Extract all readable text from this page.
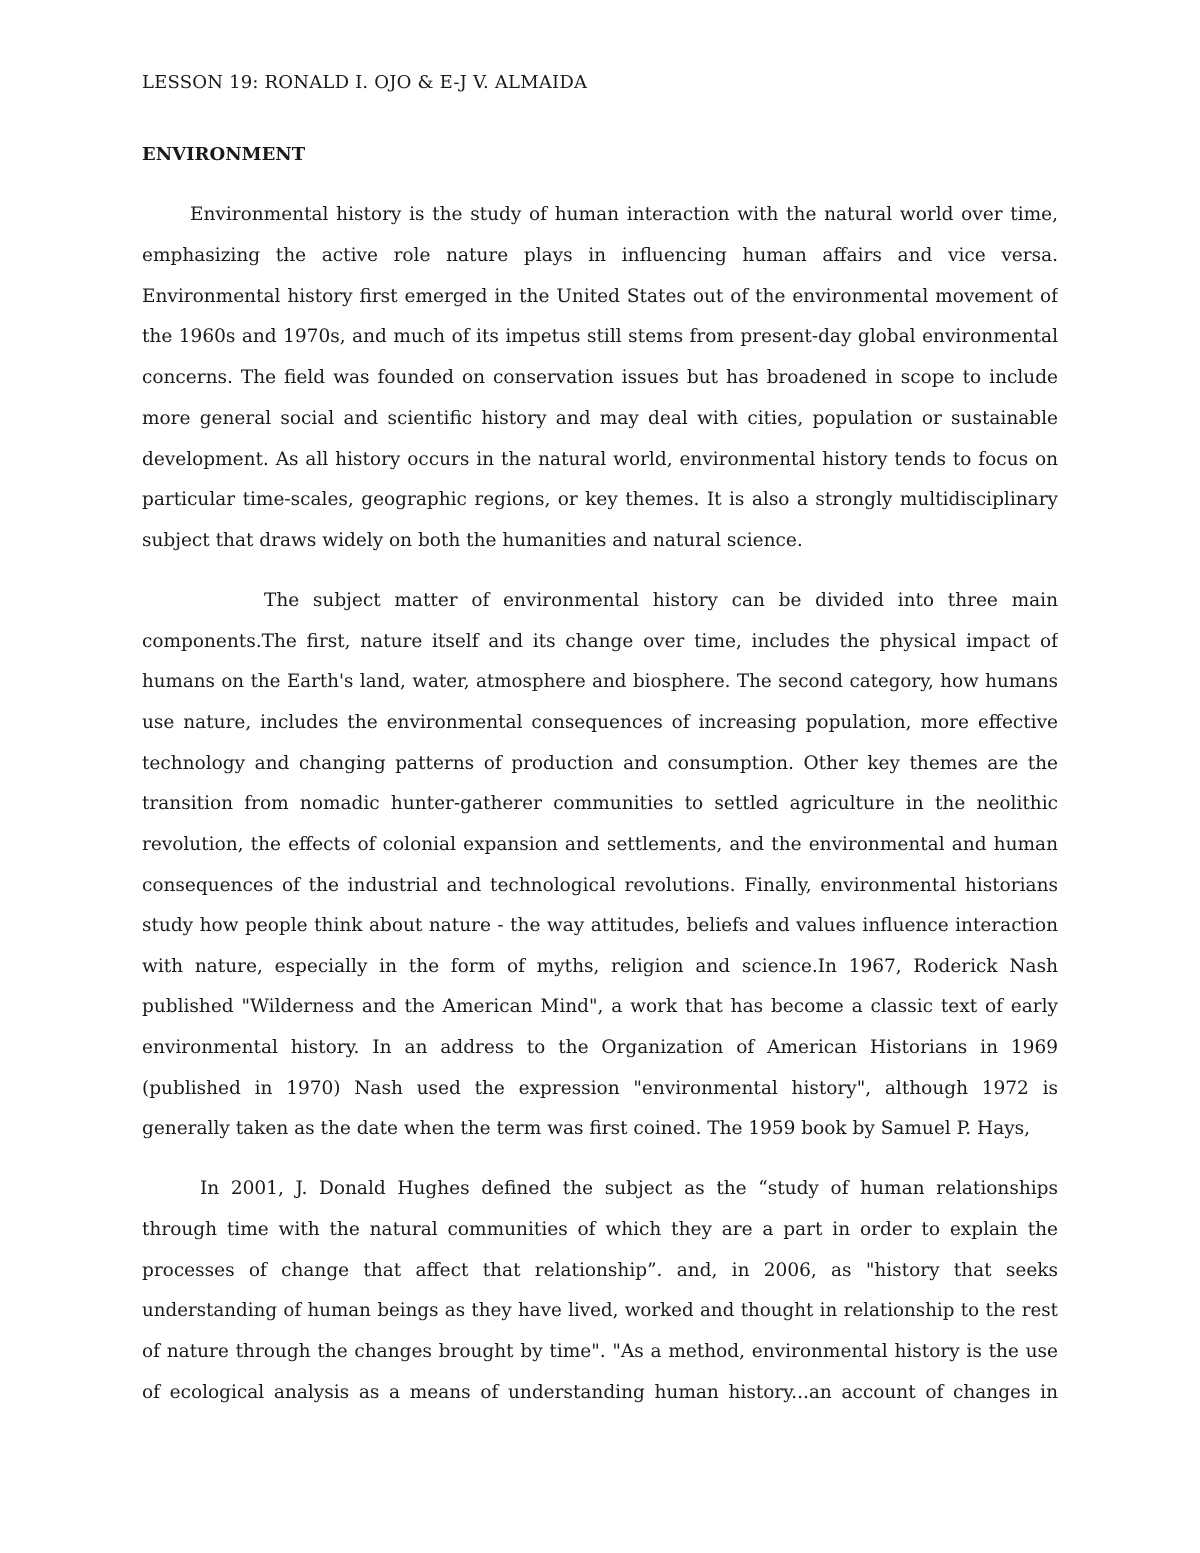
LESSON 19: RONALD I. OJO & E-J V. ALMAIDA
ENVIRONMENT
Environmental history is the study of human interaction with the natural world over time,
emphasizing the active role nature plays in influencing human affairs and vice versa.
Environmental history first emerged in the United States out of the environmental movement of
the 1960s and 1970s, and much of its impetus still stems from present-day global environmental
concerns. The field was founded on conservation issues but has broadened in scope to include
more general social and scientific history and may deal with cities, population or sustainable
development. As all history occurs in the natural world, environmental history tends to focus on
particular time-scales, geographic regions, or key themes. It is also a strongly multidisciplinary
subject that draws widely on both the humanities and natural science.
The subject matter of environmental history can be divided into three main
components.The first, nature itself and its change over time, includes the physical impact of
humans on the Earth's land, water, atmosphere and biosphere. The second category, how humans
use nature, includes the environmental consequences of increasing population, more effective
technology and changing patterns of production and consumption. Other key themes are the
transition from nomadic hunter-gatherer communities to settled agriculture in the neolithic
revolution, the effects of colonial expansion and settlements, and the environmental and human
consequences of the industrial and technological revolutions. Finally, environmental historians
study how people think about nature - the way attitudes, beliefs and values influence interaction
with nature, especially in the form of myths, religion and science.In 1967, Roderick Nash
published "Wilderness and the American Mind", a work that has become a classic text of early
environmental history. In an address to the Organization of American Historians in 1969
(published in 1970) Nash used the expression "environmental history", although 1972 is
generally taken as the date when the term was first coined. The 1959 book by Samuel P. Hays,
In 2001, J. Donald Hughes defined the subject as the “study of human relationships
through time with the natural communities of which they are a part in order to explain the
processes of change that affect that relationship”. and, in 2006, as "history that seeks
understanding of human beings as they have lived, worked and thought in relationship to the rest
of nature through the changes brought by time". "As a method, environmental history is the use
of ecological analysis as a means of understanding human history...an account of changes in
